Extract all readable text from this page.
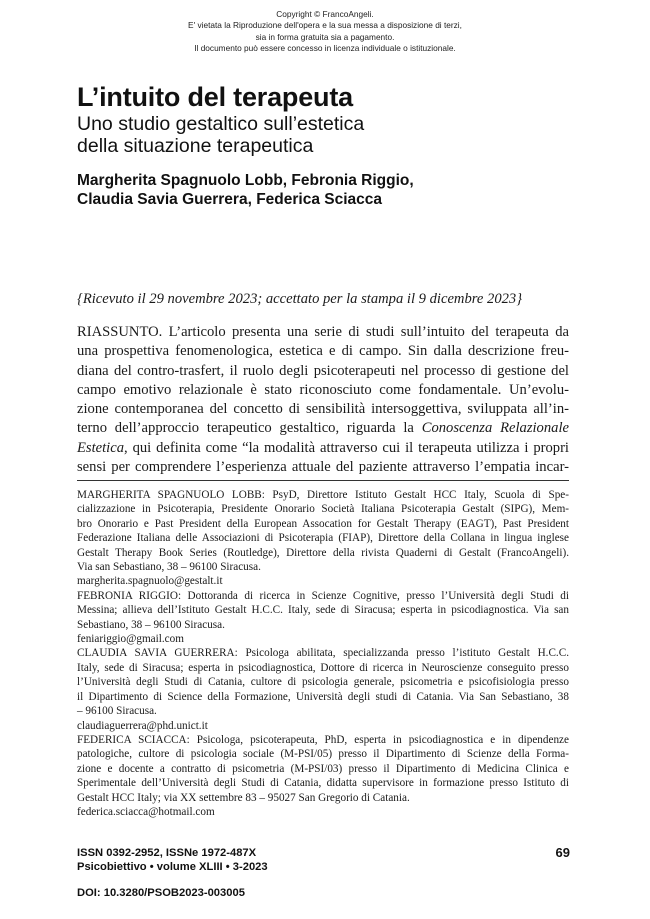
Copyright © FrancoAngeli.
E' vietata la Riproduzione dell'opera e la sua messa a disposizione di terzi,
sia in forma gratuita sia a pagamento.
Il documento può essere concesso in licenza individuale o istituzionale.
L’intuito del terapeuta
Uno studio gestaltico sull’estetica
della situazione terapeutica
Margherita Spagnuolo Lobb, Febronia Riggio,
Claudia Savia Guerrera, Federica Sciacca
{Ricevuto il 29 novembre 2023; accettato per la stampa il 9 dicembre 2023}
RIASSUNTO. L’articolo presenta una serie di studi sull’intuito del terapeuta da
una prospettiva fenomenologica, estetica e di campo. Sin dalla descrizione freu-
diana del contro-trasfert, il ruolo degli psicoterapeuti nel processo di gestione del
campo emotivo relazionale è stato riconosciuto come fondamentale. Un’evolu-
zione contemporanea del concetto di sensibilità intersoggettiva, sviluppata all’in-
terno dell’approccio terapeutico gestaltico, riguarda la Conoscenza Relazionale
Estetica, qui definita come “la modalità attraverso cui il terapeuta utilizza i propri
sensi per comprendere l’esperienza attuale del paziente attraverso l’empatia incar-
MARGHERITA SPAGNUOLO LOBB: PsyD, Direttore Istituto Gestalt HCC Italy, Scuola di Spe-
cializzazione in Psicoterapia, Presidente Onorario Società Italiana Psicoterapia Gestalt (SIPG), Mem-
bro Onorario e Past President della European Assocation for Gestalt Therapy (EAGT), Past President
Federazione Italiana delle Associazioni di Psicoterapia (FIAP), Direttore della Collana in lingua inglese
Gestalt Therapy Book Series (Routledge), Direttore della rivista Quaderni di Gestalt (FrancoAngeli).
Via san Sebastiano, 38 – 96100 Siracusa.
margherita.spagnuolo@gestalt.it
FEBRONIA RIGGIO: Dottoranda di ricerca in Scienze Cognitive, presso l’Università degli Studi di
Messina; allieva dell’Istituto Gestalt H.C.C. Italy, sede di Siracusa; esperta in psicodiagnostica. Via san
Sebastiano, 38 – 96100 Siracusa.
feniariggio@gmail.com
CLAUDIA SAVIA GUERRERA: Psicologa abilitata, specializzanda presso l’istituto Gestalt H.C.C.
Italy, sede di Siracusa; esperta in psicodiagnostica, Dottore di ricerca in Neuroscienze conseguito presso
l’Università degli Studi di Catania, cultore di psicologia generale, psicometria e psicofisiologia presso
il Dipartimento di Science della Formazione, Università degli studi di Catania. Via San Sebastiano, 38
– 96100 Siracusa.
claudiaguerrera@phd.unict.it
FEDERICA SCIACCA: Psicologa, psicoterapeuta, PhD, esperta in psicodiagnostica e in dipendenze
patologiche, cultore di psicologia sociale (M-PSI/05) presso il Dipartimento di Scienze della Forma-
zione e docente a contratto di psicometria (M-PSI/03) presso il Dipartimento di Medicina Clinica e
Sperimentale dell’Università degli Studi di Catania, didatta supervisore in formazione presso Istituto di
Gestalt HCC Italy; via XX settembre 83 – 95027 San Gregorio di Catania.
federica.sciacca@hotmail.com
ISSN 0392-2952, ISSNe 1972-487X
Psicobiettivo • volume XLIII • 3-2023
DOI: 10.3280/PSOB2023-003005
69
